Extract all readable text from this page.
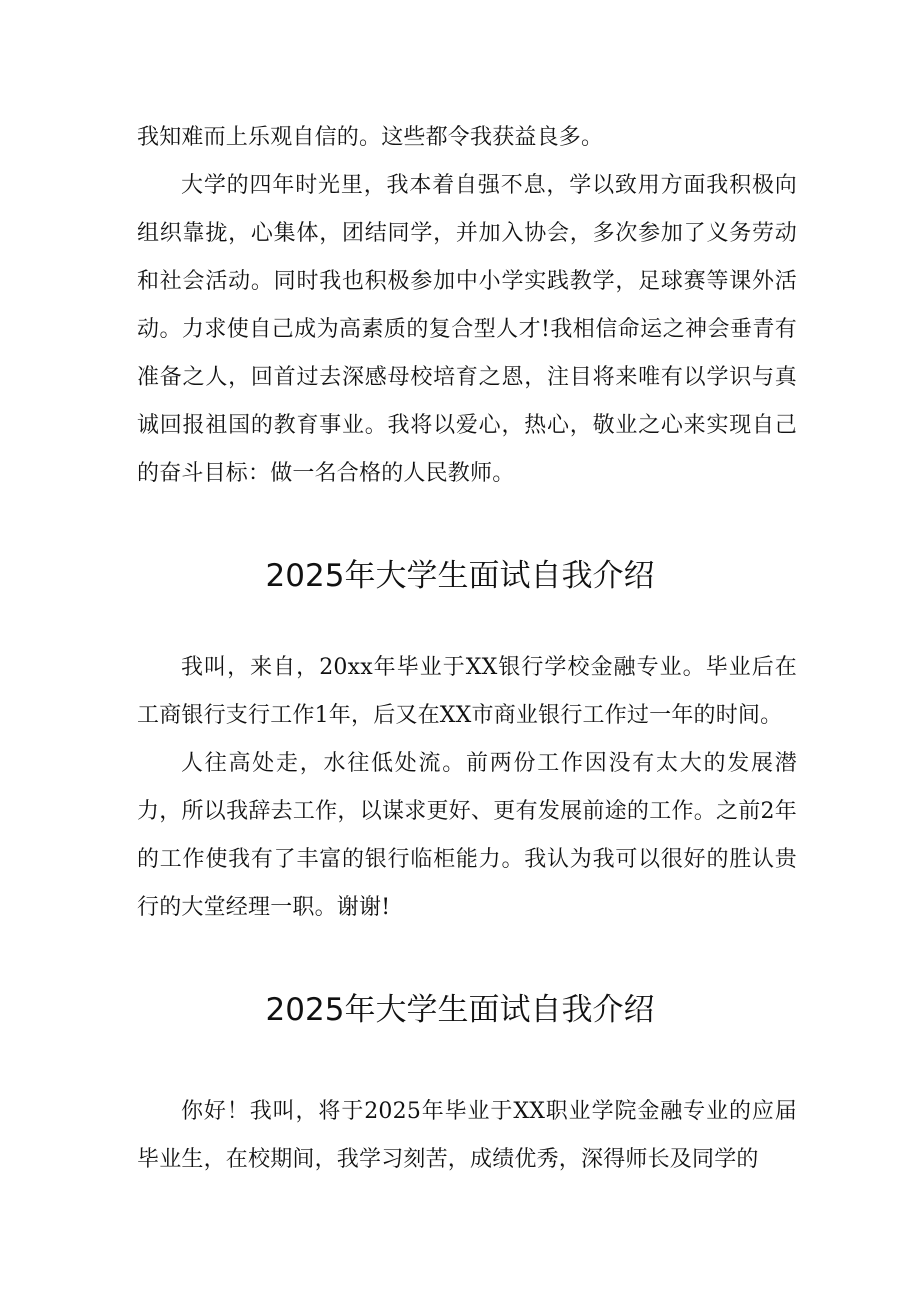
我知难而上乐观自信的。这些都令我获益良多。

大学的四年时光里，我本着自强不息，学以致用方面我积极向组织靠拢，心集体，团结同学，并加入协会，多次参加了义务劳动和社会活动。同时我也积极参加中小学实践教学，足球赛等课外活动。力求使自己成为高素质的复合型人才!我相信命运之神会垂青有准备之人，回首过去深感母校培育之恩，注目将来唯有以学识与真诚回报祖国的教育事业。我将以爱心，热心，敬业之心来实现自己的奋斗目标：做一名合格的人民教师。

2025年大学生面试自我介绍

我叫，来自，20xx年毕业于XX银行学校金融专业。毕业后在工商银行支行工作1年，后又在XX市商业银行工作过一年的时间。

人往高处走，水往低处流。前两份工作因没有太大的发展潜力，所以我辞去工作，以谋求更好、更有发展前途的工作。之前2年的工作使我有了丰富的银行临柜能力。我认为我可以很好的胜认贵行的大堂经理一职。谢谢!

2025年大学生面试自我介绍

你好！我叫，将于2025年毕业于XX职业学院金融专业的应届毕业生，在校期间，我学习刻苦，成绩优秀，深得师长及同学的
